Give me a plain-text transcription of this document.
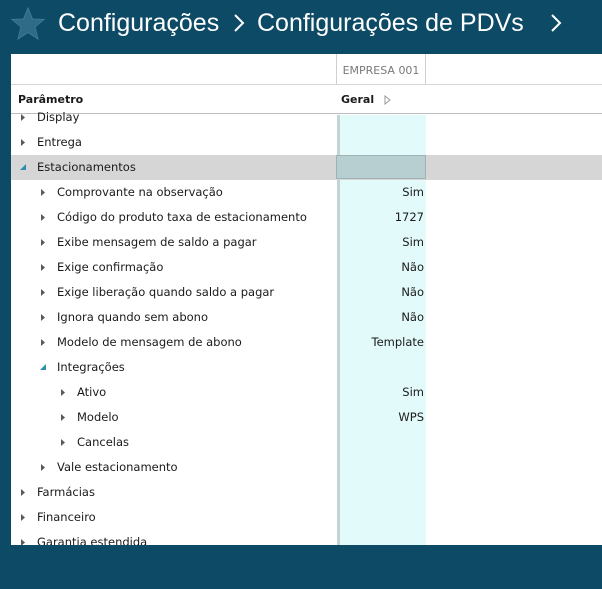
Configurações Configurações de PDVs
EMPRESA 001
Parâmetro	Geral
Display
Entrega
Estacionamentos
Comprovante na observação	Sim
Código do produto taxa de estacionamento	1727
Exibe mensagem de saldo a pagar	Sim
Exige confirmação	Não
Exige liberação quando saldo a pagar	Não
Ignora quando sem abono	Não
Modelo de mensagem de abono	Template
Integrações
Ativo	Sim
Modelo	WPS
Cancelas
Vale estacionamento
Farmácias
Financeiro
Garantia estendida
